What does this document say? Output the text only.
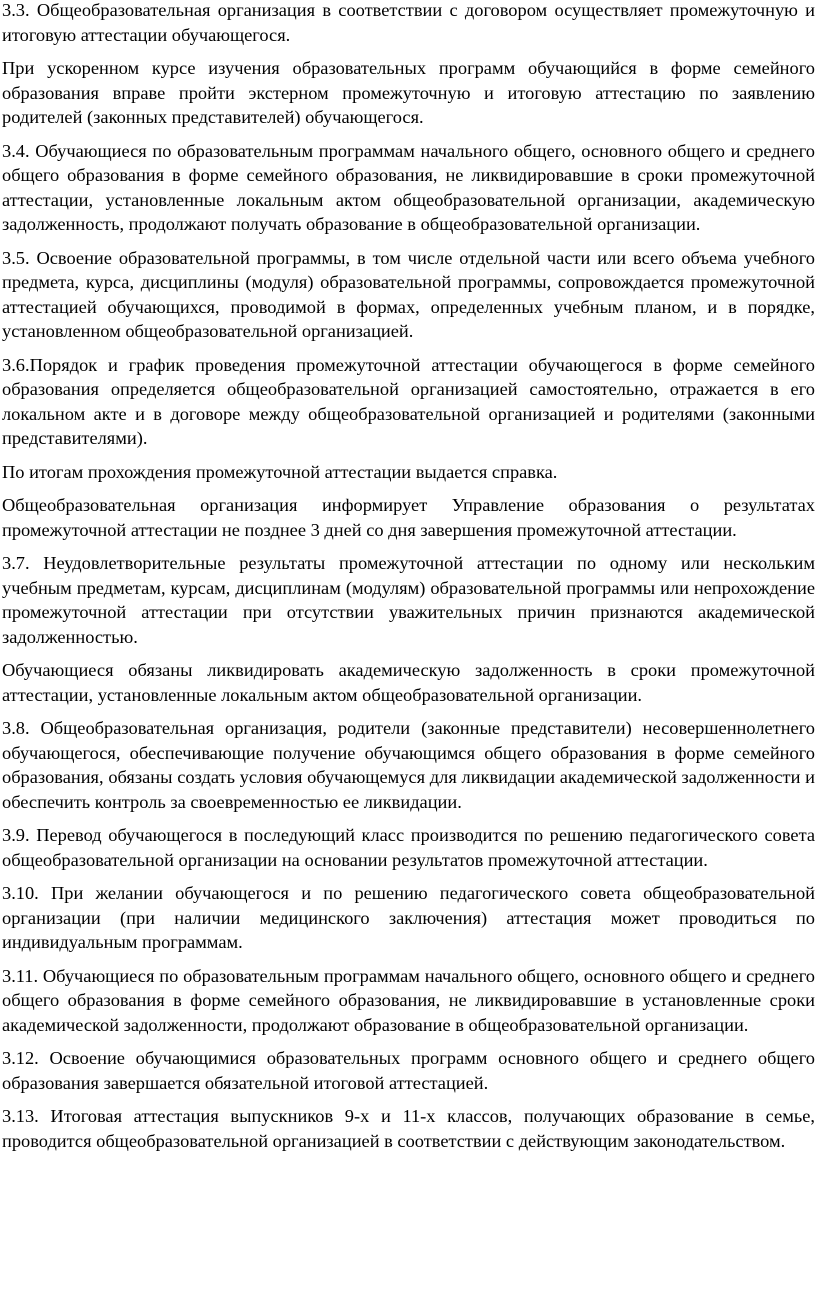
3.3. Общеобразовательная организация в соответствии с договором осуществляет промежуточную и итоговую аттестации обучающегося.

При ускоренном курсе изучения образовательных программ обучающийся в форме семейного образования вправе пройти экстерном промежуточную и итоговую аттестацию по заявлению родителей (законных представителей) обучающегося.

3.4. Обучающиеся по образовательным программам начального общего, основного общего и среднего общего образования в форме семейного образования, не ликвидировавшие в сроки промежуточной аттестации, установленные локальным актом общеобразовательной организации, академическую задолженность, продолжают получать образование в общеобразовательной организации.

3.5. Освоение образовательной программы, в том числе отдельной части или всего объема учебного предмета, курса, дисциплины (модуля) образовательной программы, сопровождается промежуточной аттестацией обучающихся, проводимой в формах, определенных учебным планом, и в порядке, установленном общеобразовательной организацией.

3.6.Порядок и график проведения промежуточной аттестации обучающегося в форме семейного образования определяется общеобразовательной организацией самостоятельно, отражается в его локальном акте и в договоре между общеобразовательной организацией и родителями (законными представителями).

По итогам прохождения промежуточной аттестации выдается справка.

Общеобразовательная организация информирует Управление образования о результатах промежуточной аттестации не позднее 3 дней со дня завершения промежуточной аттестации.

3.7. Неудовлетворительные результаты промежуточной аттестации по одному или нескольким учебным предметам, курсам, дисциплинам (модулям) образовательной программы или непрохождение промежуточной аттестации при отсутствии уважительных причин признаются академической задолженностью.

Обучающиеся обязаны ликвидировать академическую задолженность в сроки промежуточной аттестации, установленные локальным актом общеобразовательной организации.

3.8. Общеобразовательная организация, родители (законные представители) несовершеннолетнего обучающегося, обеспечивающие получение обучающимся общего образования в форме семейного образования, обязаны создать условия обучающемуся для ликвидации академической задолженности и обеспечить контроль за своевременностью ее ликвидации.

3.9. Перевод обучающегося в последующий класс производится по решению педагогического совета общеобразовательной организации на основании результатов промежуточной аттестации.

3.10. При желании обучающегося и по решению педагогического совета общеобразовательной организации (при наличии медицинского заключения) аттестация может проводиться по индивидуальным программам.

3.11. Обучающиеся по образовательным программам начального общего, основного общего и среднего общего образования в форме семейного образования, не ликвидировавшие в установленные сроки академической задолженности, продолжают образование в общеобразовательной организации.

3.12. Освоение обучающимися образовательных программ основного общего и среднего общего образования завершается обязательной итоговой аттестацией.

3.13. Итоговая аттестация выпускников 9-х и 11-х классов, получающих образование в семье, проводится общеобразовательной организацией в соответствии с действующим законодательством.
